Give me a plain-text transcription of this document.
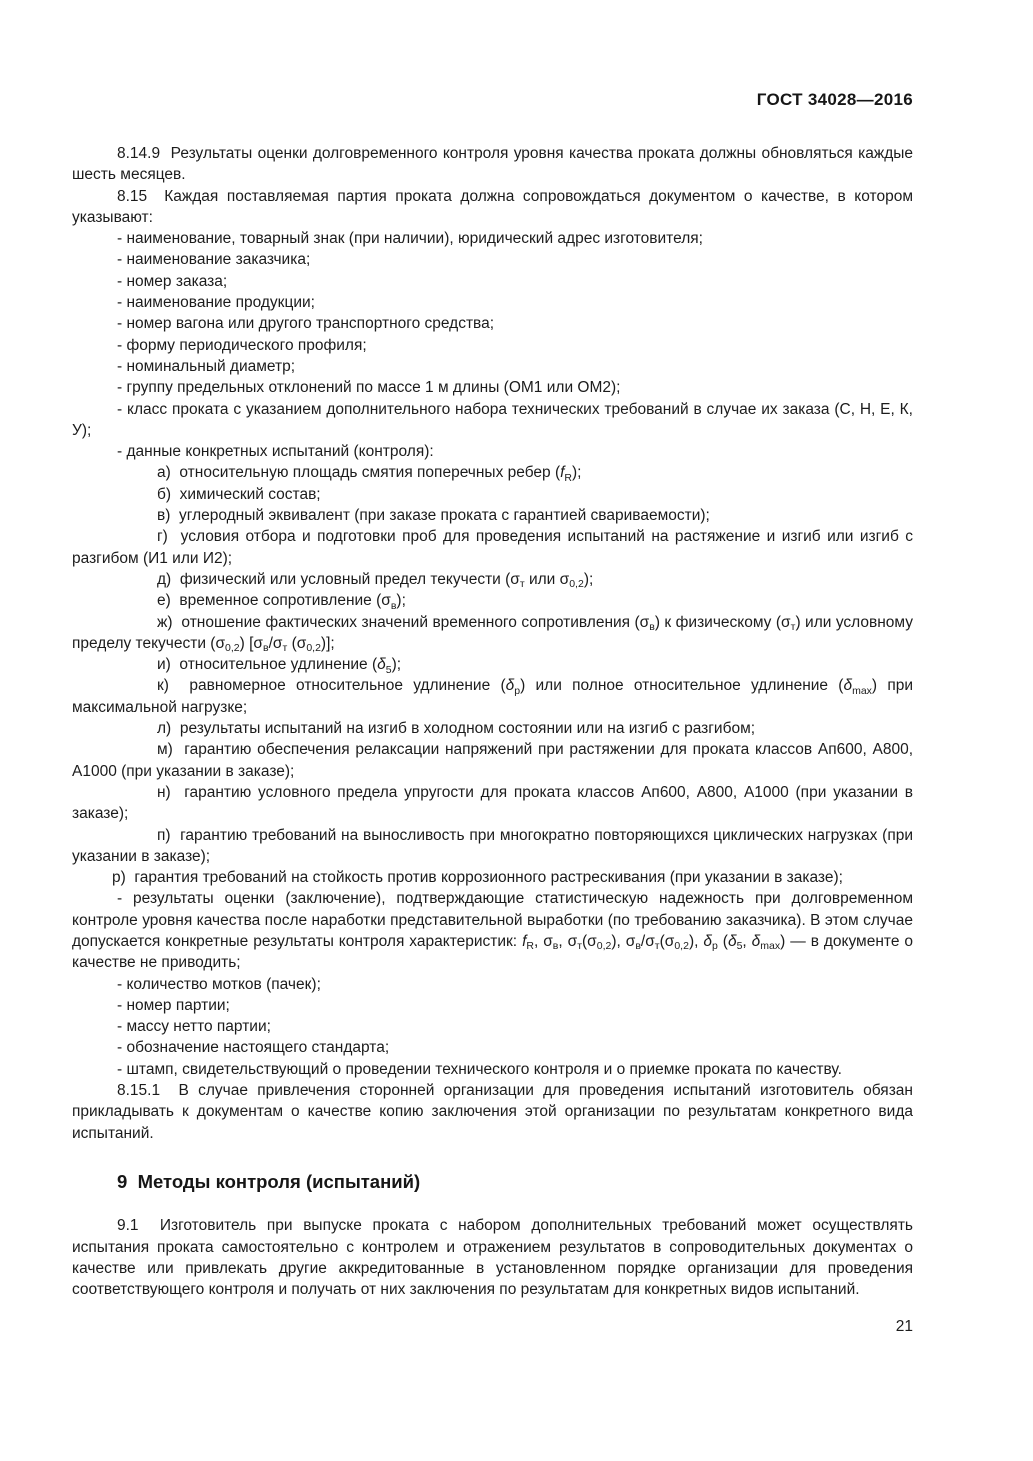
ГОСТ 34028—2016

8.14.9  Результаты оценки долговременного контроля уровня качества проката должны обновляться каждые шесть месяцев.

8.15  Каждая поставляемая партия проката должна сопровождаться документом о качестве, в котором указывают:

- наименование, товарный знак (при наличии), юридический адрес изготовителя;

- наименование заказчика;

- номер заказа;

- наименование продукции;

- номер вагона или другого транспортного средства;

- форму периодического профиля;

- номинальный диаметр;

- группу предельных отклонений по массе 1 м длины (ОМ1 или ОМ2);

- класс проката с указанием дополнительного набора технических требований в случае их заказа (С, Н, Е, К, У);

- данные конкретных испытаний (контроля):

а)  относительную площадь смятия поперечных ребер $(f_R)$;

б)  химический состав;

в)  углеродный эквивалент (при заказе проката с гарантией свариваемости);

г)  условия отбора и подготовки проб для проведения испытаний на растяжение и изгиб или изгиб с разгибом (И1 или И2);

д)  физический или условный предел текучести ($\sigma_т$ или $\sigma_{0,2}$);

е)  временное сопротивление $(\sigma_в)$;

ж)  отношение фактических значений временного сопротивления $(\sigma_в)$ к физическому $(\sigma_т)$ или условному пределу текучести $(\sigma_{0,2})$ [$\sigma_в/\sigma_т$ $(\sigma_{0,2})$];

и)  относительное удлинение $(\delta_5)$;

к)  равномерное относительное удлинение $(\delta_р)$ или полное относительное удлинение $(\delta_{max})$ при максимальной нагрузке;

л)  результаты испытаний на изгиб в холодном состоянии или на изгиб с разгибом;

м)  гарантию обеспечения релаксации напряжений при растяжении для проката классов Ап600, А800, А1000 (при указании в заказе);

н)  гарантию условного предела упругости для проката классов Ап600, А800, А1000 (при указании в заказе);

п)  гарантию требований на выносливость при многократно повторяющихся циклических нагрузках (при указании в заказе);

р)  гарантия требований на стойкость против коррозионного растрескивания (при указании в заказе);

- результаты оценки (заключение), подтверждающие статистическую надежность при долговременном контроле уровня качества после наработки представительной выработки (по требованию заказчика). В этом случае допускается конкретные результаты контроля характеристик: $f_R$, $\sigma_в$, $\sigma_т(\sigma_{0,2})$, $\sigma_в/\sigma_т(\sigma_{0,2})$, $\delta_р$ ($\delta_5$, $\delta_{max}$) — в документе о качестве не приводить;

- количество мотков (пачек);

- номер партии;

- массу нетто партии;

- обозначение настоящего стандарта;

- штамп, свидетельствующий о проведении технического контроля и о приемке проката по качеству.

8.15.1  В случае привлечения сторонней организации для проведения испытаний изготовитель обязан прикладывать к документам о качестве копию заключения этой организации по результатам конкретного вида испытаний.

9  Методы контроля (испытаний)

9.1  Изготовитель при выпуске проката с набором дополнительных требований может осуществлять испытания проката самостоятельно с контролем и отражением результатов в сопроводительных документах о качестве или привлекать другие аккредитованные в установленном порядке организации для проведения соответствующего контроля и получать от них заключения по результатам для конкретных видов испытаний.

21
